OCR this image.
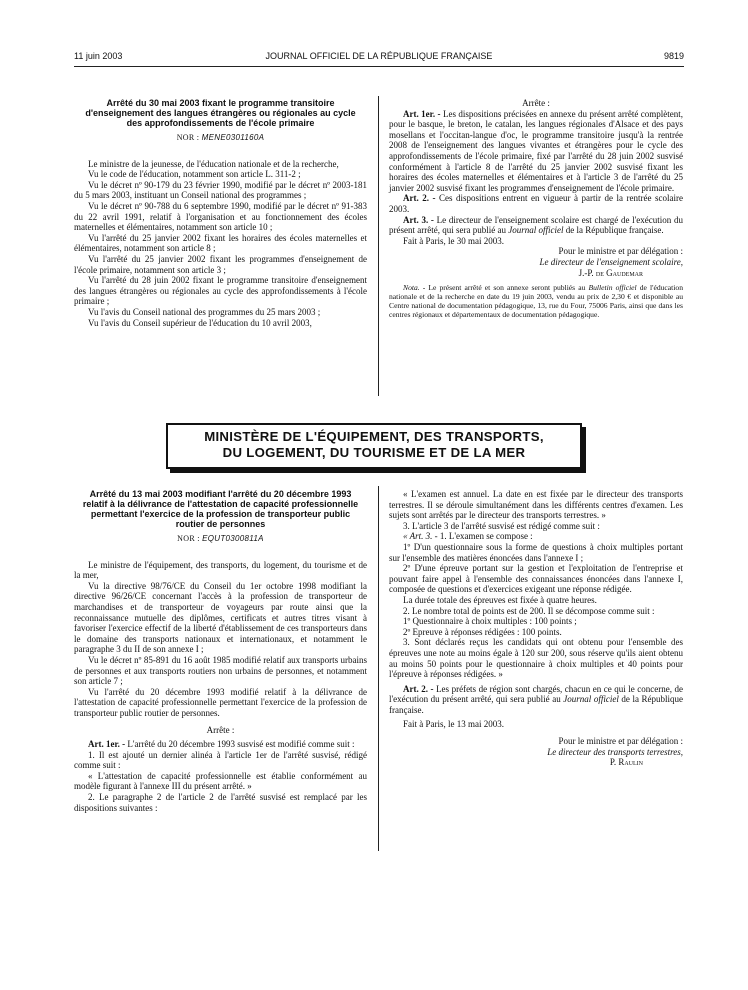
11 juin 2003	JOURNAL OFFICIEL DE LA RÉPUBLIQUE FRANÇAISE	9819
Arrêté du 30 mai 2003 fixant le programme transitoire d'enseignement des langues étrangères ou régionales au cycle des approfondissements de l'école primaire
NOR : MENE0301160A

Le ministre de la jeunesse, de l'éducation nationale et de la recherche,

Vu le code de l'éducation, notamment son article L. 311-2 ;

Vu le décret nº 90-179 du 23 février 1990, modifié par le décret nº 2003-181 du 5 mars 2003, instituant un Conseil national des programmes ;

Vu le décret nº 90-788 du 6 septembre 1990, modifié par le décret nº 91-383 du 22 avril 1991, relatif à l'organisation et au fonctionnement des écoles maternelles et élémentaires, notamment son article 10 ;

Vu l'arrêté du 25 janvier 2002 fixant les horaires des écoles maternelles et élémentaires, notamment son article 8 ;

Vu l'arrêté du 25 janvier 2002 fixant les programmes d'enseignement de l'école primaire, notamment son article 3 ;

Vu l'arrêté du 28 juin 2002 fixant le programme transitoire d'enseignement des langues étrangères ou régionales au cycle des approfondissements à l'école primaire ;

Vu l'avis du Conseil national des programmes du 25 mars 2003 ;

Vu l'avis du Conseil supérieur de l'éducation du 10 avril 2003,

Arrête :

Art. 1er. - Les dispositions précisées en annexe du présent arrêté complètent, pour le basque, le breton, le catalan, les langues régionales d'Alsace et des pays mosellans et l'occitan-langue d'oc, le programme transitoire jusqu'à la rentrée 2008 de l'enseignement des langues vivantes et étrangères pour le cycle des approfondissements de l'école primaire, fixé par l'arrêté du 28 juin 2002 susvisé conformément à l'article 8 de l'arrêté du 25 janvier 2002 susvisé fixant les horaires des écoles maternelles et élémentaires et à l'article 3 de l'arrêté du 25 janvier 2002 susvisé fixant les programmes d'enseignement de l'école primaire.

Art. 2. - Ces dispositions entrent en vigueur à partir de la rentrée scolaire 2003.

Art. 3. - Le directeur de l'enseignement scolaire est chargé de l'exécution du présent arrêté, qui sera publié au Journal officiel de la République française.

Fait à Paris, le 30 mai 2003.

Pour le ministre et par délégation :

Le directeur de l'enseignement scolaire,

J.-P. de Gaudemar

Nota. - Le présent arrêté et son annexe seront publiés au Bulletin officiel de l'éducation nationale et de la recherche en date du 19 juin 2003, vendu au prix de 2,30 € et disponible au Centre national de documentation pédagogique, 13, rue du Four, 75006 Paris, ainsi que dans les centres régionaux et départementaux de documentation pédagogique.

MINISTÈRE DE L'ÉQUIPEMENT, DES TRANSPORTS,
DU LOGEMENT, DU TOURISME ET DE LA MER
Arrêté du 13 mai 2003 modifiant l'arrêté du 20 décembre 1993 relatif à la délivrance de l'attestation de capacité professionnelle permettant l'exercice de la profession de transporteur public routier de personnes
NOR : EQUT0300811A

Le ministre de l'équipement, des transports, du logement, du tourisme et de la mer,

Vu la directive 98/76/CE du Conseil du 1er octobre 1998 modifiant la directive 96/26/CE concernant l'accès à la profession de transporteur de marchandises et de transporteur de voyageurs par route ainsi que la reconnaissance mutuelle des diplômes, certificats et autres titres visant à favoriser l'exercice effectif de la liberté d'établissement de ces transporteurs dans le domaine des transports nationaux et internationaux, et notamment le paragraphe 3 du II de son annexe I ;

Vu le décret nº 85-891 du 16 août 1985 modifié relatif aux transports urbains de personnes et aux transports routiers non urbains de personnes, et notamment son article 7 ;

Vu l'arrêté du 20 décembre 1993 modifié relatif à la délivrance de l'attestation de capacité professionnelle permettant l'exercice de la profession de transporteur public routier de personnes.

Arrête :

Art. 1er. - L'arrêté du 20 décembre 1993 susvisé est modifié comme suit :

1. Il est ajouté un dernier alinéa à l'article 1er de l'arrêté susvisé, rédigé comme suit :

« L'attestation de capacité professionnelle est établie conformément au modèle figurant à l'annexe III du présent arrêté. »

2. Le paragraphe 2 de l'article 2 de l'arrêté susvisé est remplacé par les dispositions suivantes :

« L'examen est annuel. La date en est fixée par le directeur des transports terrestres. Il se déroule simultanément dans les différents centres d'examen. Les sujets sont arrêtés par le directeur des transports terrestres. »

3. L'article 3 de l'arrêté susvisé est rédigé comme suit :

« Art. 3. - 1. L'examen se compose :

1º D'un questionnaire sous la forme de questions à choix multiples portant sur l'ensemble des matières énoncées dans l'annexe I ;

2º D'une épreuve portant sur la gestion et l'exploitation de l'entreprise et pouvant faire appel à l'ensemble des connaissances énoncées dans l'annexe I, composée de questions et d'exercices exigeant une réponse rédigée.

La durée totale des épreuves est fixée à quatre heures.

2. Le nombre total de points est de 200. Il se décompose comme suit :

1º Questionnaire à choix multiples : 100 points ;

2º Epreuve à réponses rédigées : 100 points.

3. Sont déclarés reçus les candidats qui ont obtenu pour l'ensemble des épreuves une note au moins égale à 120 sur 200, sous réserve qu'ils aient obtenu au moins 50 points pour le questionnaire à choix multiples et 40 points pour l'épreuve à réponses rédigées. »

Art. 2. - Les préfets de région sont chargés, chacun en ce qui le concerne, de l'exécution du présent arrêté, qui sera publié au Journal officiel de la République française.

Fait à Paris, le 13 mai 2003.

Pour le ministre et par délégation :

Le directeur des transports terrestres,

P. Raulin
